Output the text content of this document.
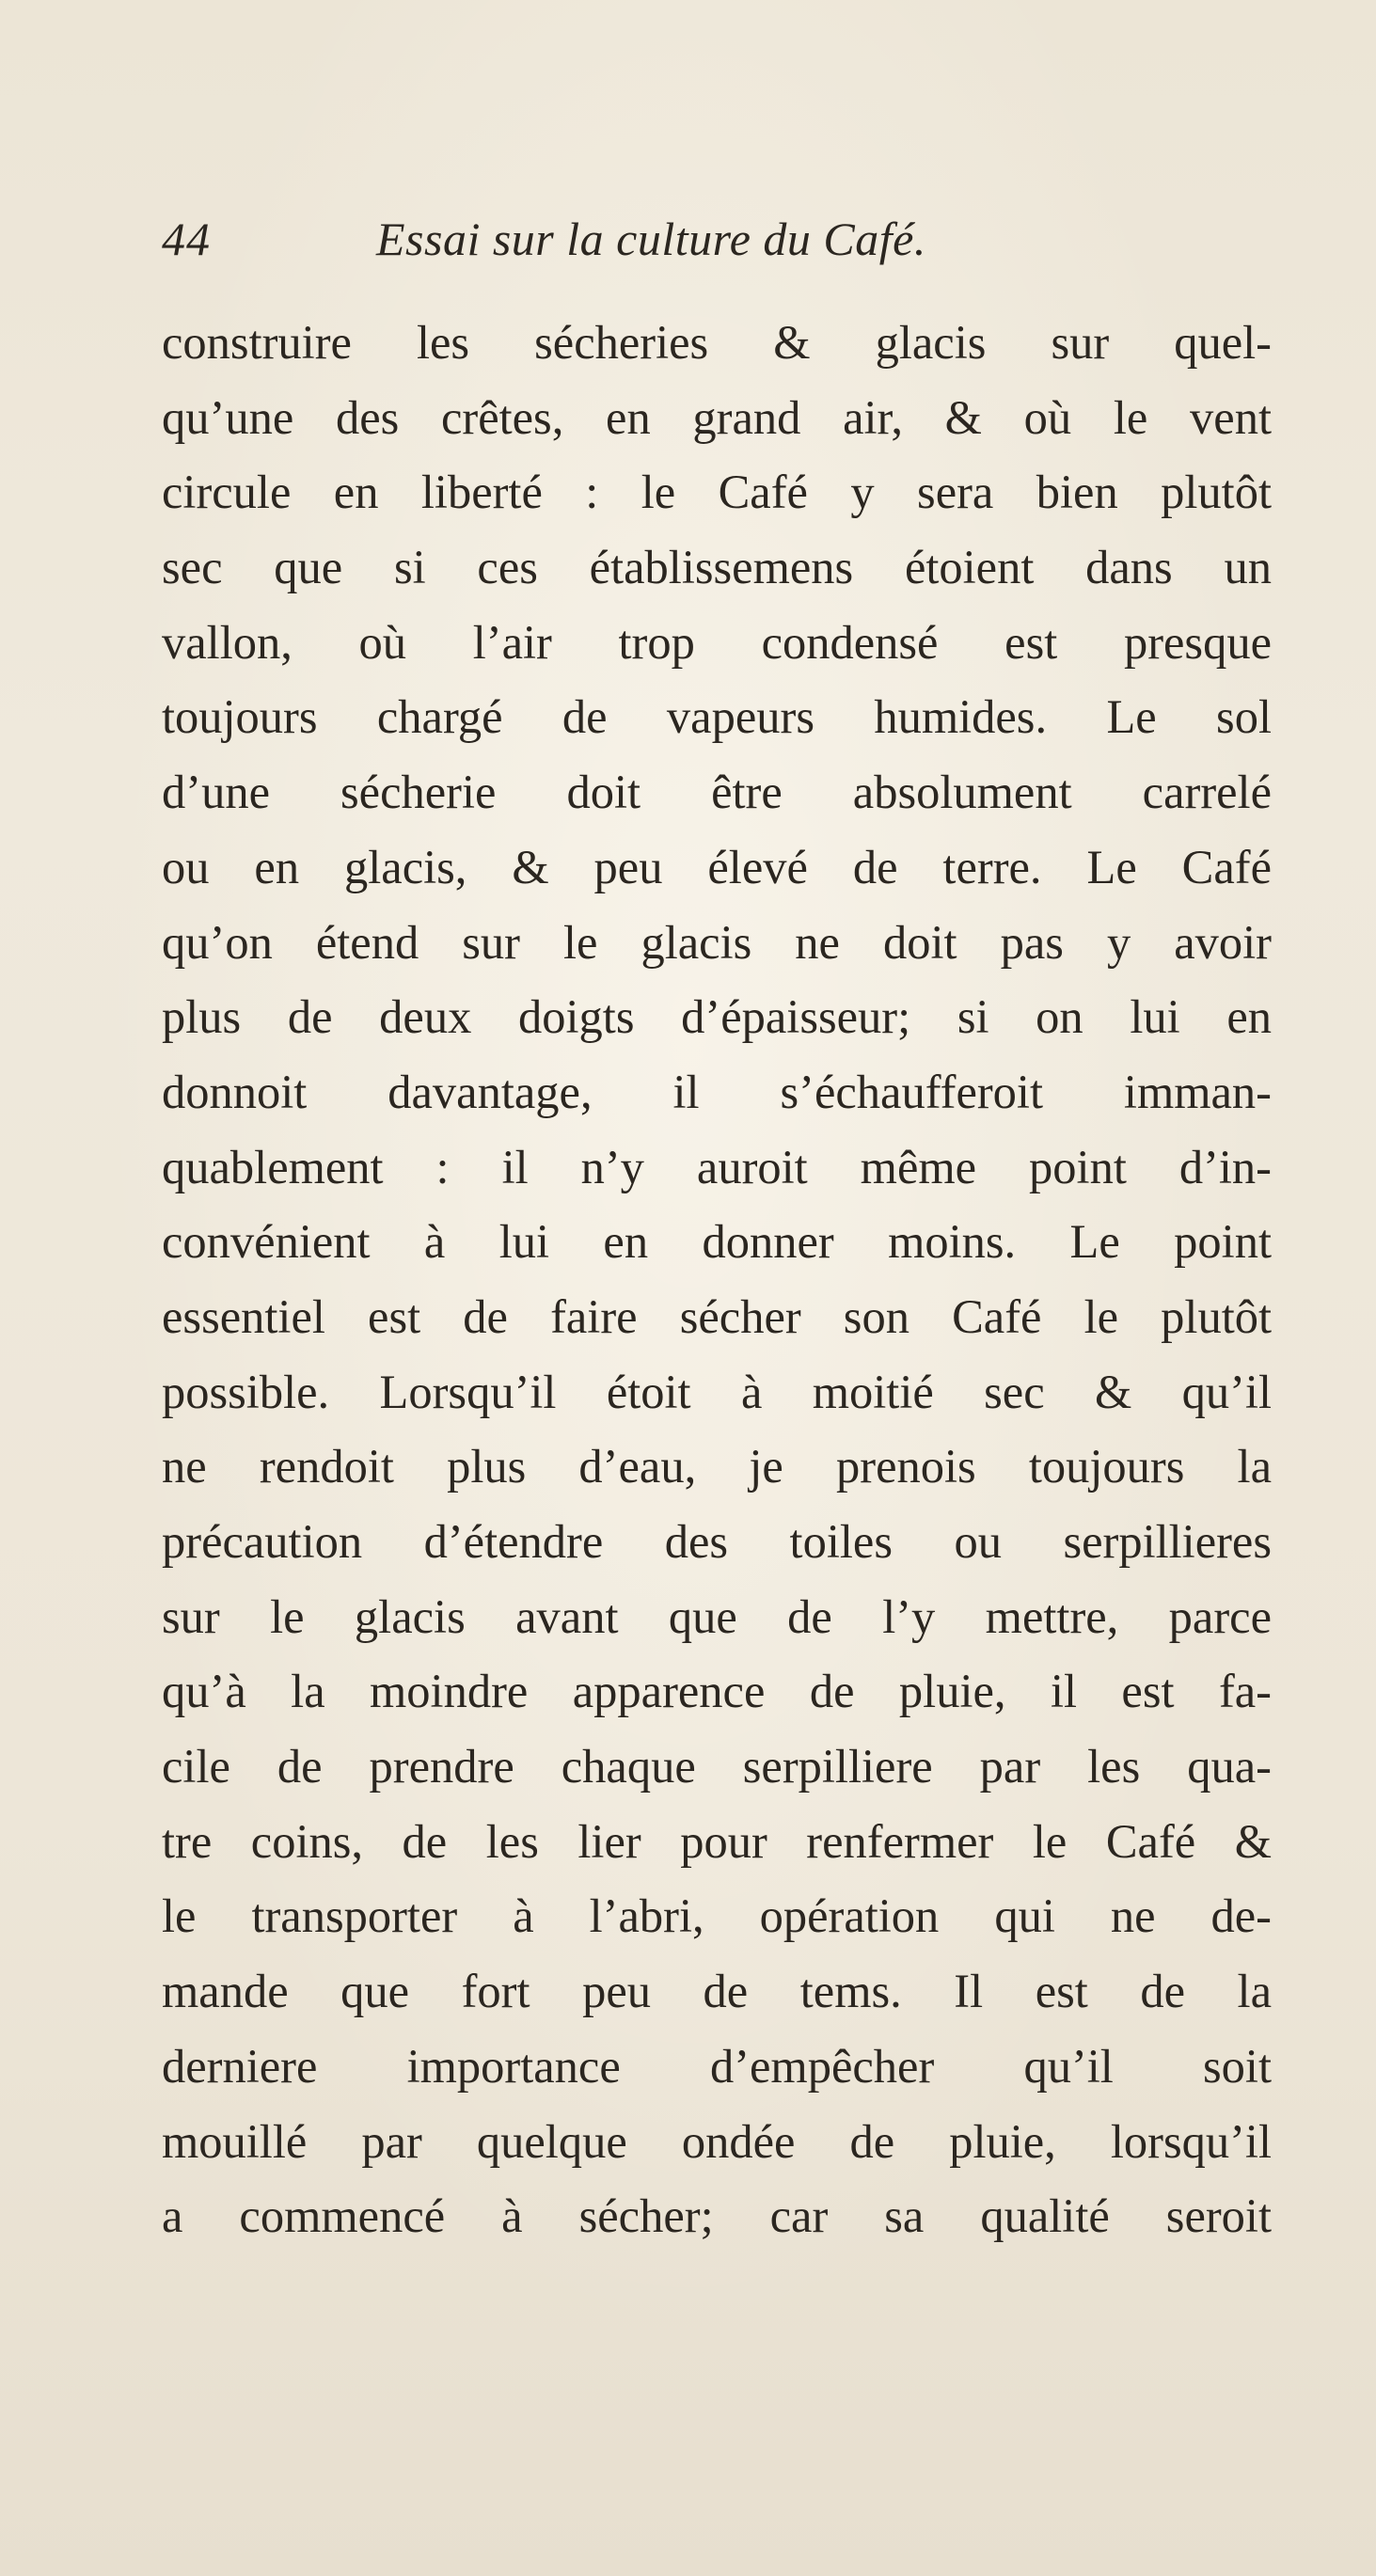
44	Essai sur la culture du Café.
construire les sécheries & glacis sur quel-
qu’une des crêtes, en grand air, & où le vent
circule en liberté : le Café y sera bien plutôt
sec que si ces établissemens étoient dans un
vallon, où l’air trop condensé est presque
toujours chargé de vapeurs humides. Le sol
d’une sécherie doit être absolument carrelé
ou en glacis, & peu élevé de terre. Le Café
qu’on étend sur le glacis ne doit pas y avoir
plus de deux doigts d’épaisseur; si on lui en
donnoit davantage, il s’échaufferoit imman-
quablement : il n’y auroit même point d’in-
convénient à lui en donner moins. Le point
essentiel est de faire sécher son Café le plutôt
possible. Lorsqu’il étoit à moitié sec & qu’il
ne rendoit plus d’eau, je prenois toujours la
précaution d’étendre des toiles ou serpillieres
sur le glacis avant que de l’y mettre, parce
qu’à la moindre apparence de pluie, il est fa-
cile de prendre chaque serpilliere par les qua-
tre coins, de les lier pour renfermer le Café &
le transporter à l’abri, opération qui ne de-
mande que fort peu de tems. Il est de la
derniere importance d’empêcher qu’il soit
mouillé par quelque ondée de pluie, lorsqu’il
a commencé à sécher; car sa qualité seroit
